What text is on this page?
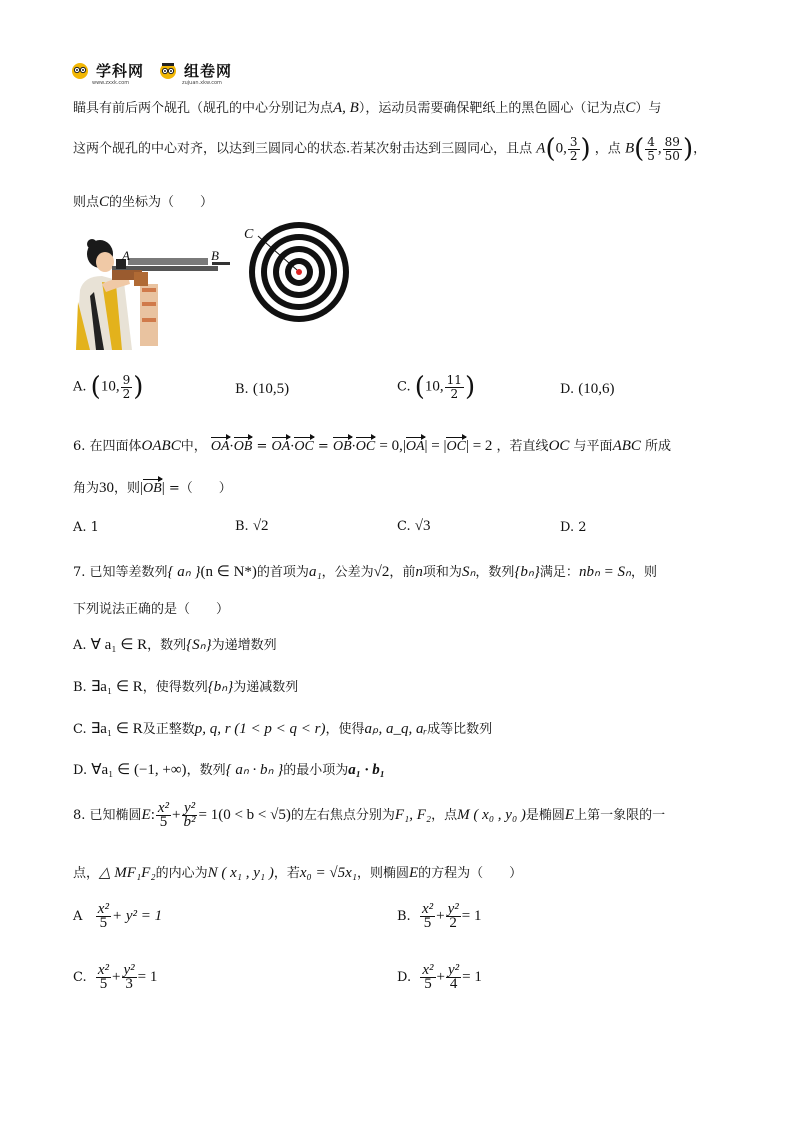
学科网	组卷网
www.zxxk.com	zujuan.xkw.com
瞄具有前后两个觇孔（觇孔的中心分别记为点A, B），运动员需要确保靶纸上的黑色圆心（记为点C）与
这两个觇孔的中心对齐，以达到三圆同心的状态.若某次射击达到三圆同心，且点 A(0, $\frac{3}{2}$ ) ，点 $B( \frac{4}{5}$ , $\frac{89}{50}$ )，
则点C的坐标为（　　）
A	B
C
A. (10, $\frac{9}{2}$ )	B. (10,5)	C. (10, $\frac{11}{2}$ )	D. (10,6)
6. 在四面体OABC中， OA·OB = OA·OC = OB·OC = 0,|OA| = |OC| = 2 ，若直线OC 与平面ABC 所成
角为30，则|OB| =（　　）
A. 1	B. √2	C. √3	D. 2
7. 已知等差数列{ aₙ }(n ∈ N*)的首项为a₁，公差为√2，前n项和为Sₙ，数列{bₙ}满足：nbₙ = Sₙ，则
下列说法正确的是（　　）
A. ∀ a₁ ∈ R，数列{Sₙ}为递增数列
B. ∃a₁ ∈ R，使得数列{bₙ}为递减数列
C. ∃a₁ ∈ R及正整数p, q, r (1 < p < q < r)，使得aₚ, a_q, aᵣ成等比数列
D. ∀a₁ ∈ (−1, +∞)，数列{ aₙ · bₙ }的最小项为a₁ · b₁
8. 已知椭圆E: $\frac{\text{x²}}{5} + \frac{\text{y²}}{\text{b²}} = 1(0 < b < √5)$的左右焦点分别为F₁, F₂，点M ( x₀ , y₀ )是椭圆E上第一象限的一
点，△ MF₁F₂的内心为N ( x₁ , y₁ )，若x₀ = √5x₁，则椭圆E的方程为（　　）
A $\frac{\text{x²}}{5} + y^2 = 1$	B. $\frac{\text{x²}}{5} + \frac{\text{y²}}{2} = 1$
C. $\frac{\text{x²}}{5} + \frac{\text{y²}}{3} = 1$	D. $\frac{\text{x²}}{5} + \frac{\text{y²}}{4} = 1$
